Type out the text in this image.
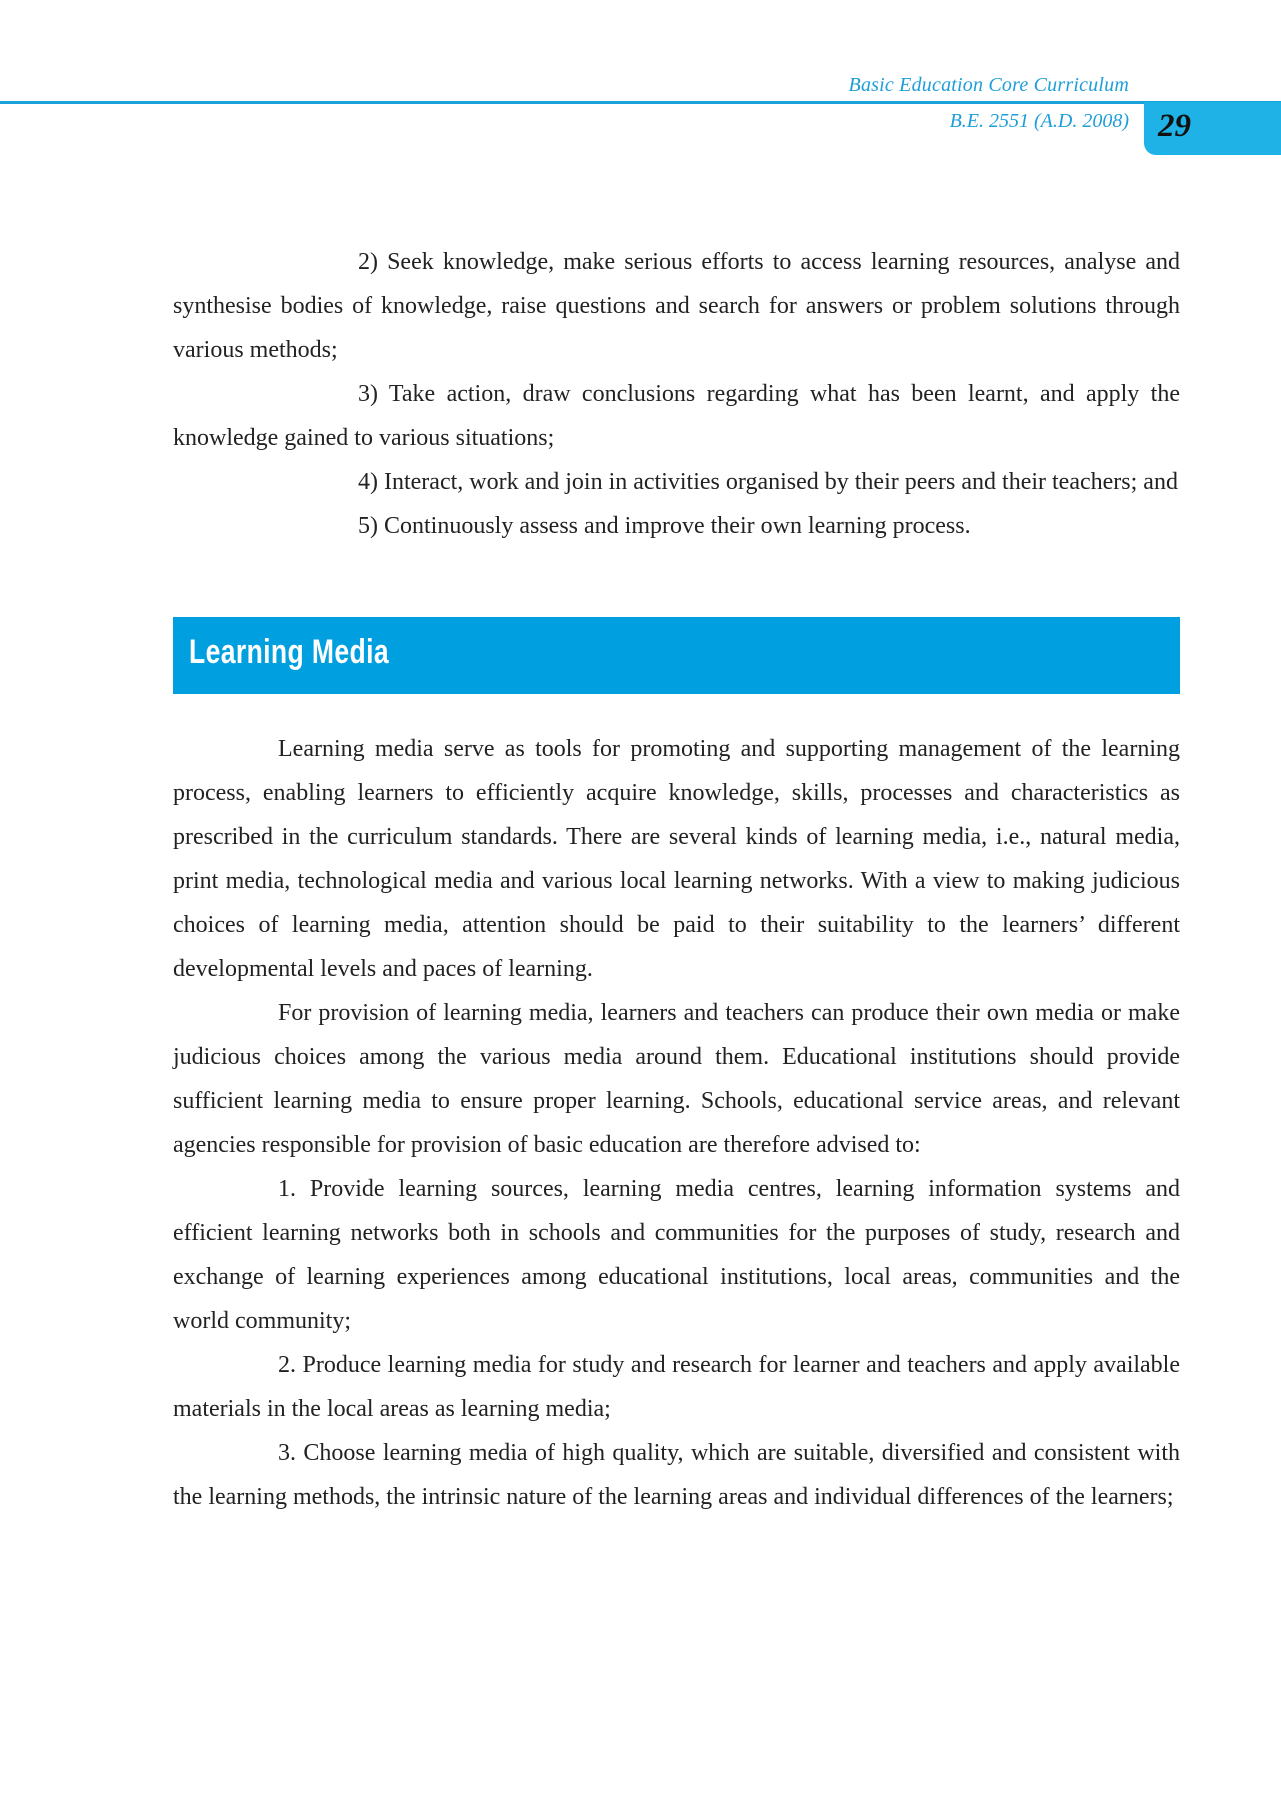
Basic Education Core Curriculum
B.E. 2551 (A.D. 2008) 29

2) Seek knowledge, make serious efforts to access learning resources, analyse and synthesise bodies of knowledge, raise questions and search for answers or problem solutions through various methods;

3) Take action, draw conclusions regarding what has been learnt, and apply the knowledge gained to various situations;

4) Interact, work and join in activities organised by their peers and their teachers; and

5) Continuously assess and improve their own learning process.

Learning Media

Learning media serve as tools for promoting and supporting management of the learning process, enabling learners to efficiently acquire knowledge, skills, processes and characteristics as prescribed in the curriculum standards. There are several kinds of learning media, i.e., natural media, print media, technological media and various local learning networks. With a view to making judicious choices of learning media, attention should be paid to their suitability to the learners’ different developmental levels and paces of learning.

For provision of learning media, learners and teachers can produce their own media or make judicious choices among the various media around them. Educational institutions should provide sufficient learning media to ensure proper learning. Schools, educational service areas, and relevant agencies responsible for provision of basic education are therefore advised to:

1. Provide learning sources, learning media centres, learning information systems and efficient learning networks both in schools and communities for the purposes of study, research and exchange of learning experiences among educational institutions, local areas, communities and the world community;

2. Produce learning media for study and research for learner and teachers and apply available materials in the local areas as learning media;

3. Choose learning media of high quality, which are suitable, diversified and consistent with the learning methods, the intrinsic nature of the learning areas and individual differences of the learners;
